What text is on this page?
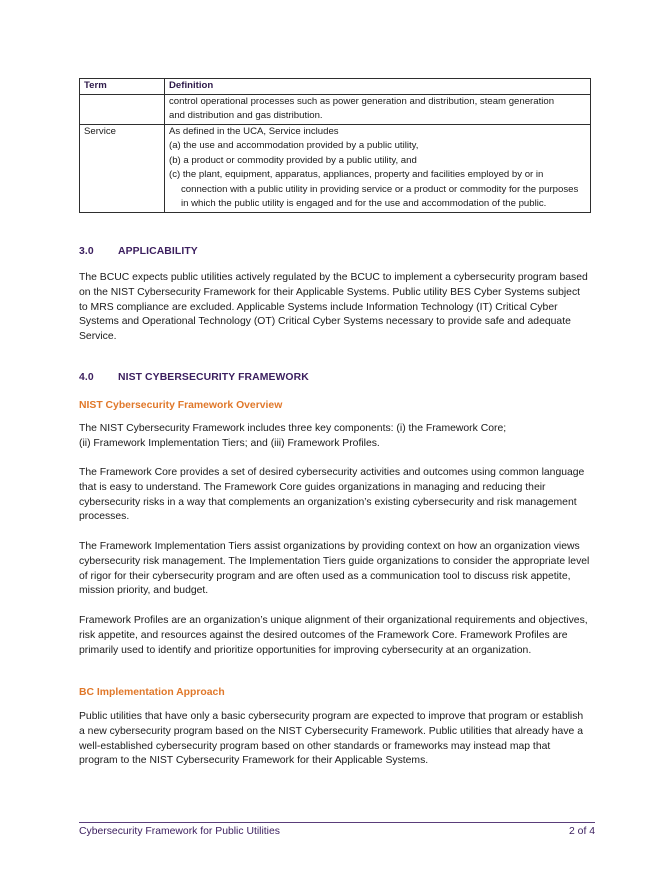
Term	Definition

	control operational processes such as power generation and distribution, steam generation
and distribution and gas distribution.

Service	As defined in the UCA, Service includes
(a) the use and accommodation provided by a public utility,
(b) a product or commodity provided by a public utility, and
(c) the plant, equipment, apparatus, appliances, property and facilities employed by or in connection with a public utility in providing service or a product or commodity for the purposes in which the public utility is engaged and for the use and accommodation of the public.
3.0 APPLICABILITY

The BCUC expects public utilities actively regulated by the BCUC to implement a cybersecurity program based on the NIST Cybersecurity Framework for their Applicable Systems. Public utility BES Cyber Systems subject to MRS compliance are excluded. Applicable Systems include Information Technology (IT) Critical Cyber Systems and Operational Technology (OT) Critical Cyber Systems necessary to provide safe and adequate Service.

4.0 NIST CYBERSECURITY FRAMEWORK
NIST Cybersecurity Framework Overview

The NIST Cybersecurity Framework includes three key components: (i) the Framework Core;
(ii) Framework Implementation Tiers; and (iii) Framework Profiles.

The Framework Core provides a set of desired cybersecurity activities and outcomes using common language that is easy to understand. The Framework Core guides organizations in managing and reducing their cybersecurity risks in a way that complements an organization’s existing cybersecurity and risk management processes.

The Framework Implementation Tiers assist organizations by providing context on how an organization views cybersecurity risk management. The Implementation Tiers guide organizations to consider the appropriate level of rigor for their cybersecurity program and are often used as a communication tool to discuss risk appetite, mission priority, and budget.

Framework Profiles are an organization’s unique alignment of their organizational requirements and objectives, risk appetite, and resources against the desired outcomes of the Framework Core. Framework Profiles are primarily used to identify and prioritize opportunities for improving cybersecurity at an organization.

BC Implementation Approach

Public utilities that have only a basic cybersecurity program are expected to improve that program or establish a new cybersecurity program based on the NIST Cybersecurity Framework. Public utilities that already have a well-established cybersecurity program based on other standards or frameworks may instead map that program to the NIST Cybersecurity Framework for their Applicable Systems.

Cybersecurity Framework for Public Utilities	2 of 4
